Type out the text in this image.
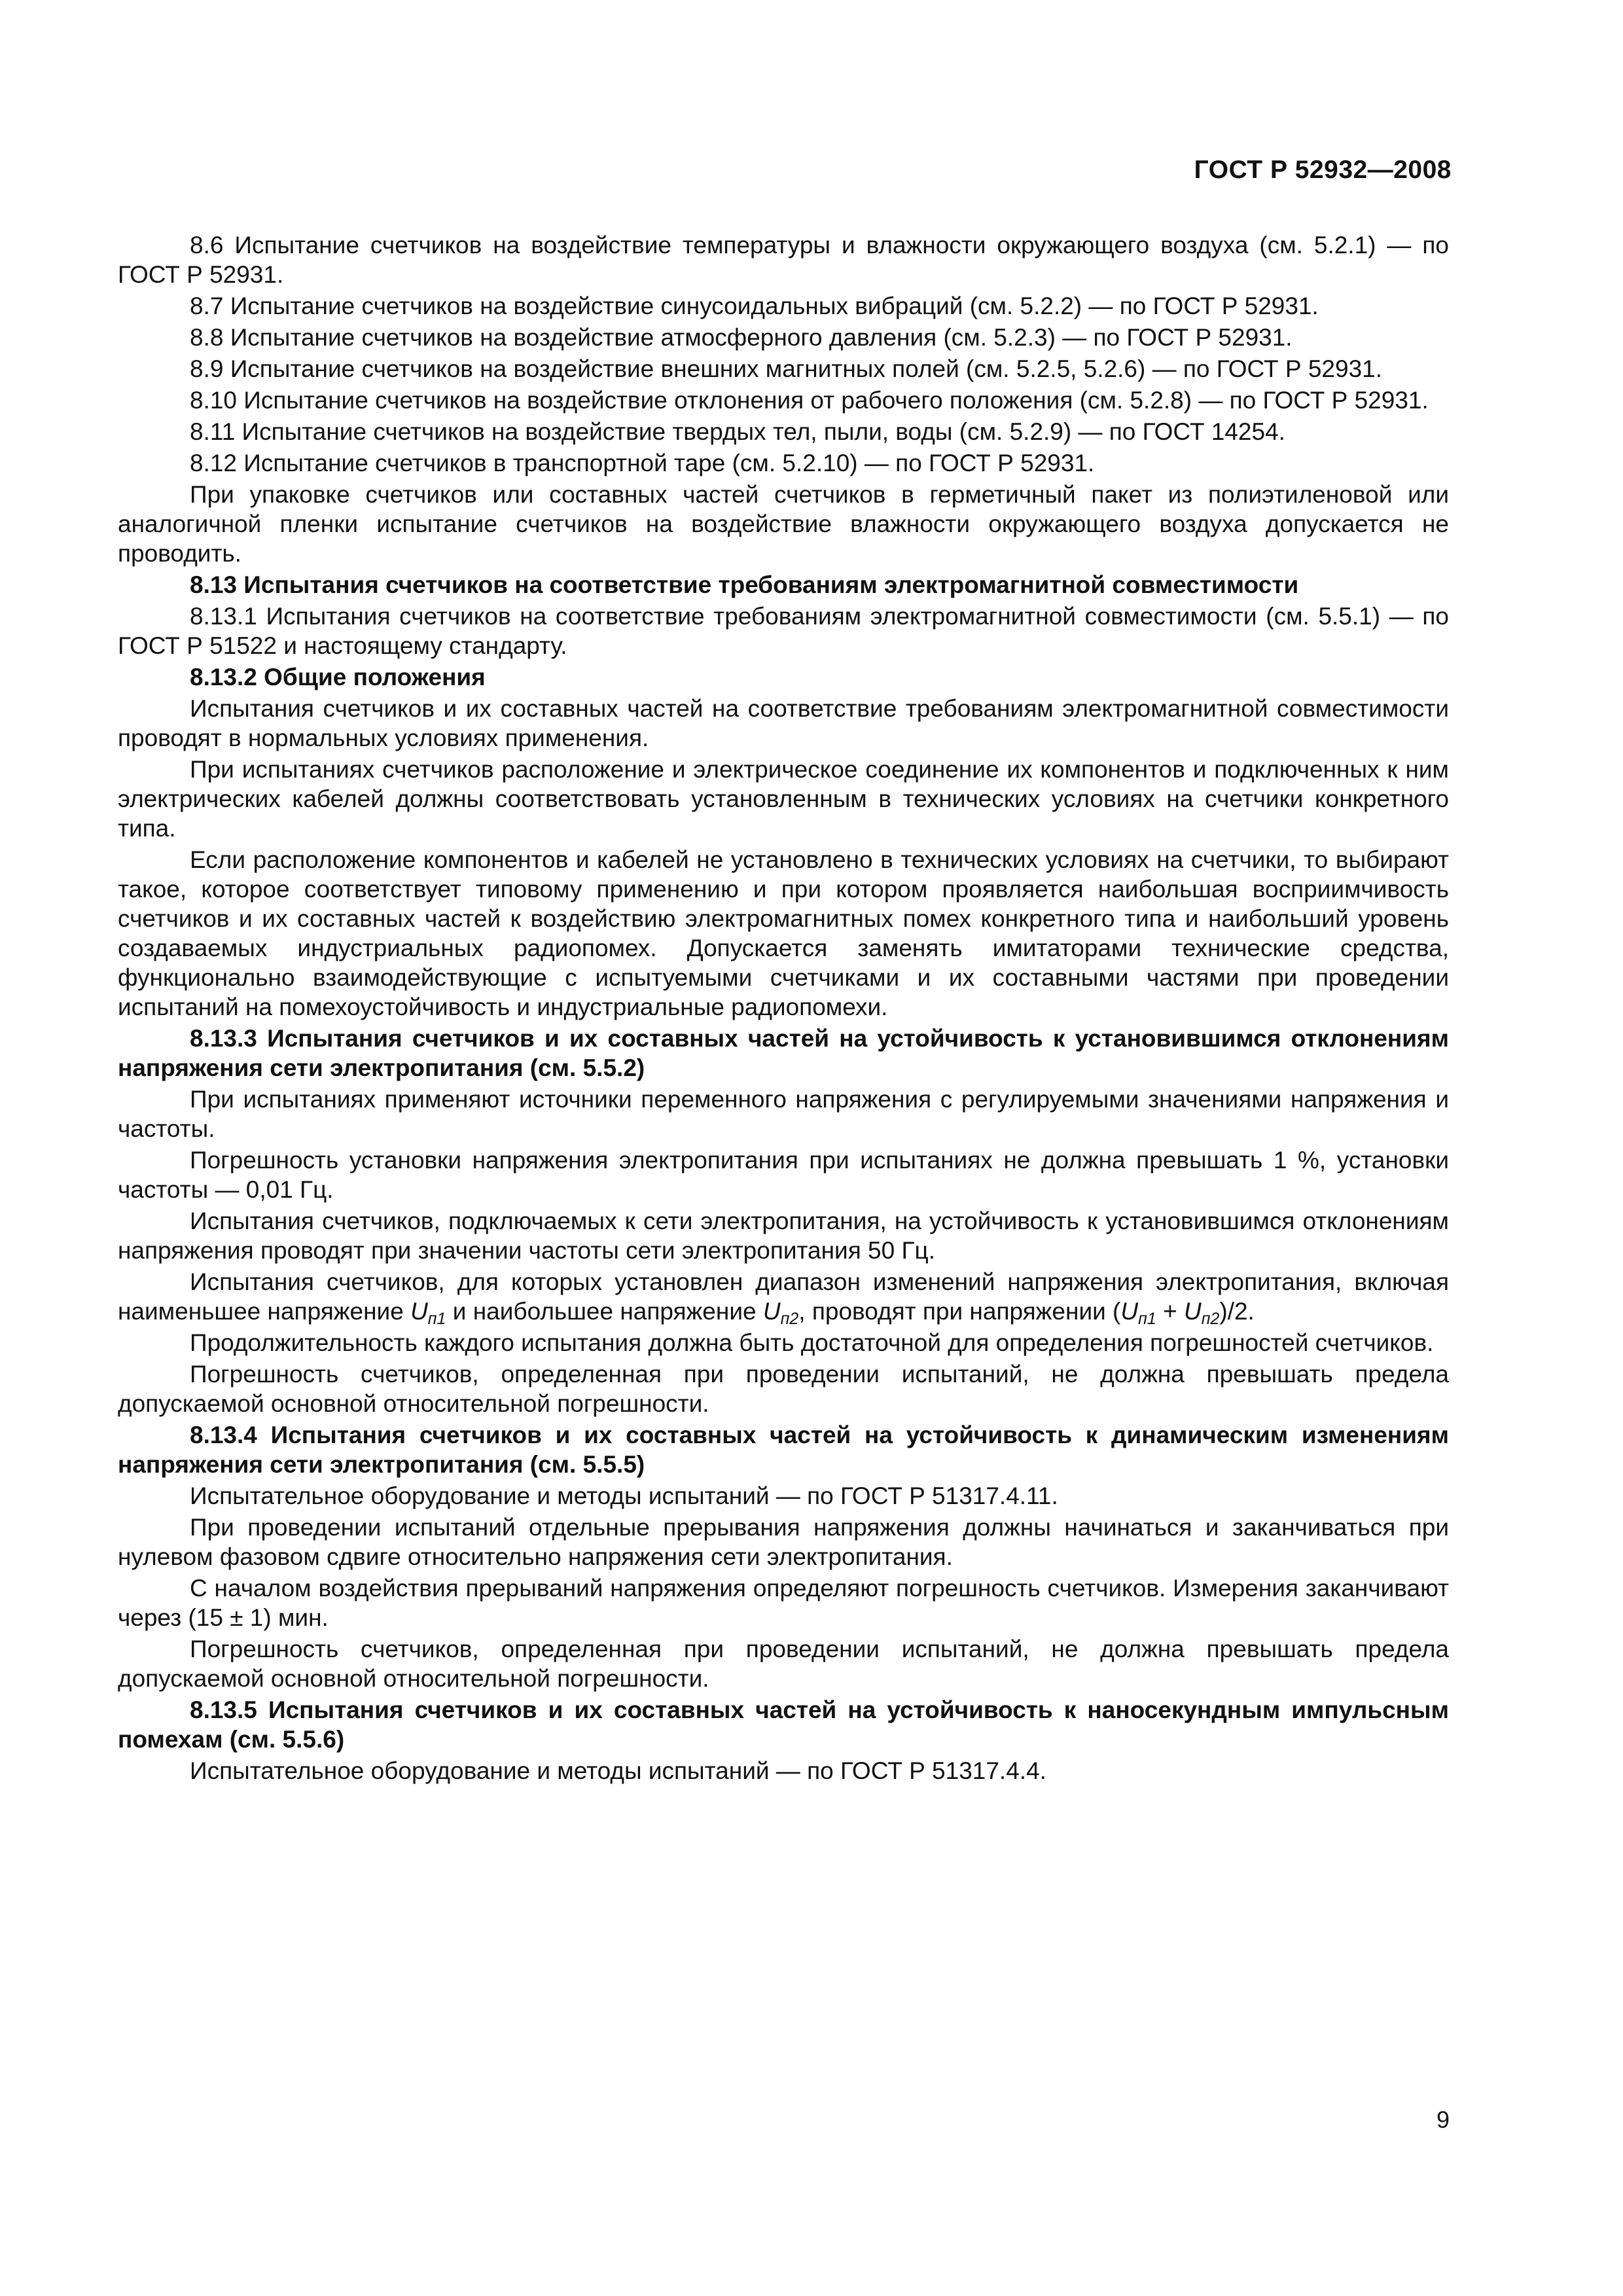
ГОСТ Р 52932—2008

8.6 Испытание счетчиков на воздействие температуры и влажности окружающего воздуха (см. 5.2.1) — по ГОСТ Р 52931.

8.7 Испытание счетчиков на воздействие синусоидальных вибраций (см. 5.2.2) — по ГОСТ Р 52931.

8.8 Испытание счетчиков на воздействие атмосферного давления (см. 5.2.3) — по ГОСТ Р 52931.

8.9 Испытание счетчиков на воздействие внешних магнитных полей (см. 5.2.5, 5.2.6) — по ГОСТ Р 52931.

8.10 Испытание счетчиков на воздействие отклонения от рабочего положения (см. 5.2.8) — по ГОСТ Р 52931.

8.11 Испытание счетчиков на воздействие твердых тел, пыли, воды (см. 5.2.9) — по ГОСТ 14254.

8.12 Испытание счетчиков в транспортной таре (см. 5.2.10) — по ГОСТ Р 52931.

При упаковке счетчиков или составных частей счетчиков в герметичный пакет из полиэтиленовой или аналогичной пленки испытание счетчиков на воздействие влажности окружающего воздуха допускается не проводить.

8.13 Испытания счетчиков на соответствие требованиям электромагнитной совместимости

8.13.1 Испытания счетчиков на соответствие требованиям электромагнитной совместимости (см. 5.5.1) — по ГОСТ Р 51522 и настоящему стандарту.

8.13.2 Общие положения

Испытания счетчиков и их составных частей на соответствие требованиям электромагнитной совместимости проводят в нормальных условиях применения.

При испытаниях счетчиков расположение и электрическое соединение их компонентов и подключенных к ним электрических кабелей должны соответствовать установленным в технических условиях на счетчики конкретного типа.

Если расположение компонентов и кабелей не установлено в технических условиях на счетчики, то выбирают такое, которое соответствует типовому применению и при котором проявляется наибольшая восприимчивость счетчиков и их составных частей к воздействию электромагнитных помех конкретного типа и наибольший уровень создаваемых индустриальных радиопомех. Допускается заменять имитаторами технические средства, функционально взаимодействующие с испытуемыми счетчиками и их составными частями при проведении испытаний на помехоустойчивость и индустриальные радиопомехи.

8.13.3 Испытания счетчиков и их составных частей на устойчивость к установившимся отклонениям напряжения сети электропитания (см. 5.5.2)

При испытаниях применяют источники переменного напряжения с регулируемыми значениями напряжения и частоты.

Погрешность установки напряжения электропитания при испытаниях не должна превышать 1 %, установки частоты — 0,01 Гц.

Испытания счетчиков, подключаемых к сети электропитания, на устойчивость к установившимся отклонениям напряжения проводят при значении частоты сети электропитания 50 Гц.

Испытания счетчиков, для которых установлен диапазон изменений напряжения электропитания, включая наименьшее напряжение $U_{п1}$ и наибольшее напряжение $U_{п2}$, проводят при напряжении $(U_{п1} + U_{п2})/2$.

Продолжительность каждого испытания должна быть достаточной для определения погрешностей счетчиков.

Погрешность счетчиков, определенная при проведении испытаний, не должна превышать предела допускаемой основной относительной погрешности.

8.13.4 Испытания счетчиков и их составных частей на устойчивость к динамическим изменениям напряжения сети электропитания (см. 5.5.5)

Испытательное оборудование и методы испытаний — по ГОСТ Р 51317.4.11.

При проведении испытаний отдельные прерывания напряжения должны начинаться и заканчиваться при нулевом фазовом сдвиге относительно напряжения сети электропитания.

С началом воздействия прерываний напряжения определяют погрешность счетчиков. Измерения заканчивают через (15 ± 1) мин.

Погрешность счетчиков, определенная при проведении испытаний, не должна превышать предела допускаемой основной относительной погрешности.

8.13.5 Испытания счетчиков и их составных частей на устойчивость к наносекундным импульсным помехам (см. 5.5.6)

Испытательное оборудование и методы испытаний — по ГОСТ Р 51317.4.4.

9
